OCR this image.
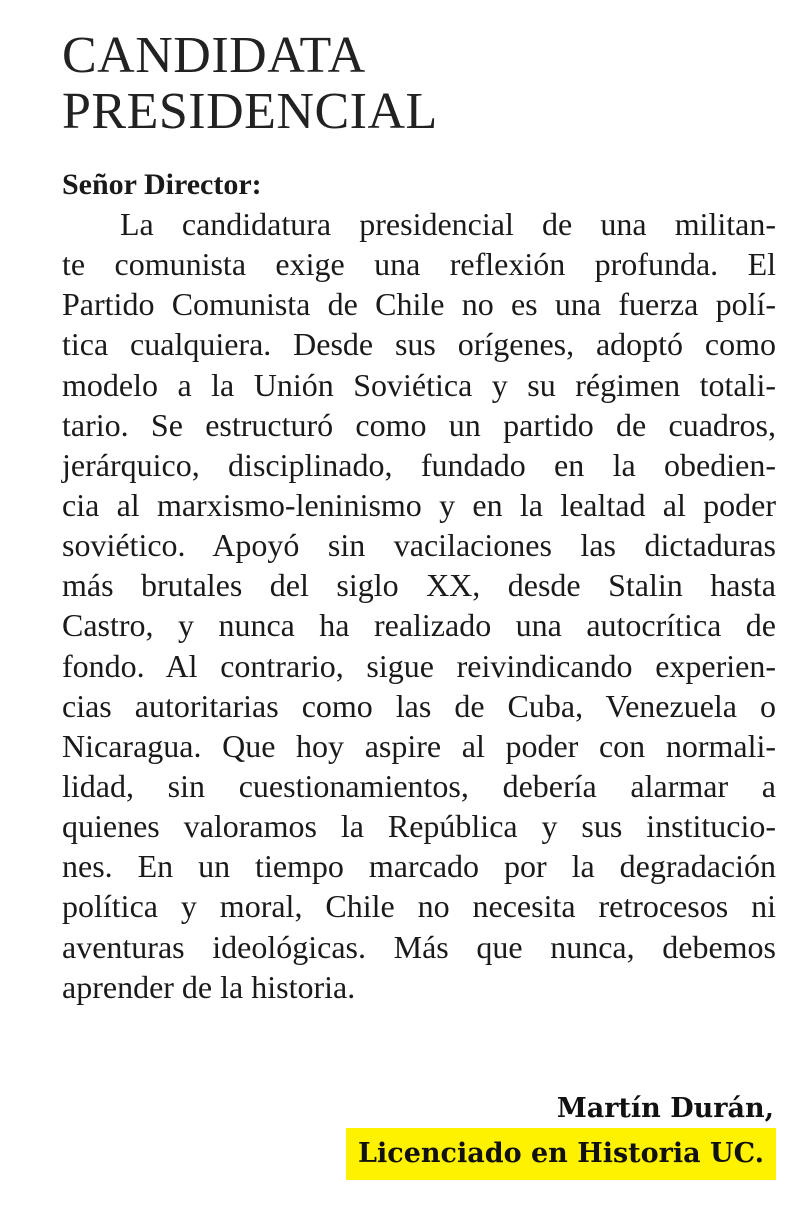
CANDIDATA
PRESIDENCIAL
Señor Director:
La candidatura presidencial de una militan-
te comunista exige una reflexión profunda. El
Partido Comunista de Chile no es una fuerza polí-
tica cualquiera. Desde sus orígenes, adoptó como
modelo a la Unión Soviética y su régimen totali-
tario. Se estructuró como un partido de cuadros,
jerárquico, disciplinado, fundado en la obedien-
cia al marxismo-leninismo y en la lealtad al poder
soviético. Apoyó sin vacilaciones las dictaduras
más brutales del siglo XX, desde Stalin hasta
Castro, y nunca ha realizado una autocrítica de
fondo. Al contrario, sigue reivindicando experien-
cias autoritarias como las de Cuba, Venezuela o
Nicaragua. Que hoy aspire al poder con normali-
lidad, sin cuestionamientos, debería alarmar a
quienes valoramos la República y sus institucio-
nes. En un tiempo marcado por la degradación
política y moral, Chile no necesita retrocesos ni
aventuras ideológicas. Más que nunca, debemos
aprender de la historia.
Martín Durán,
Licenciado en Historia UC.
